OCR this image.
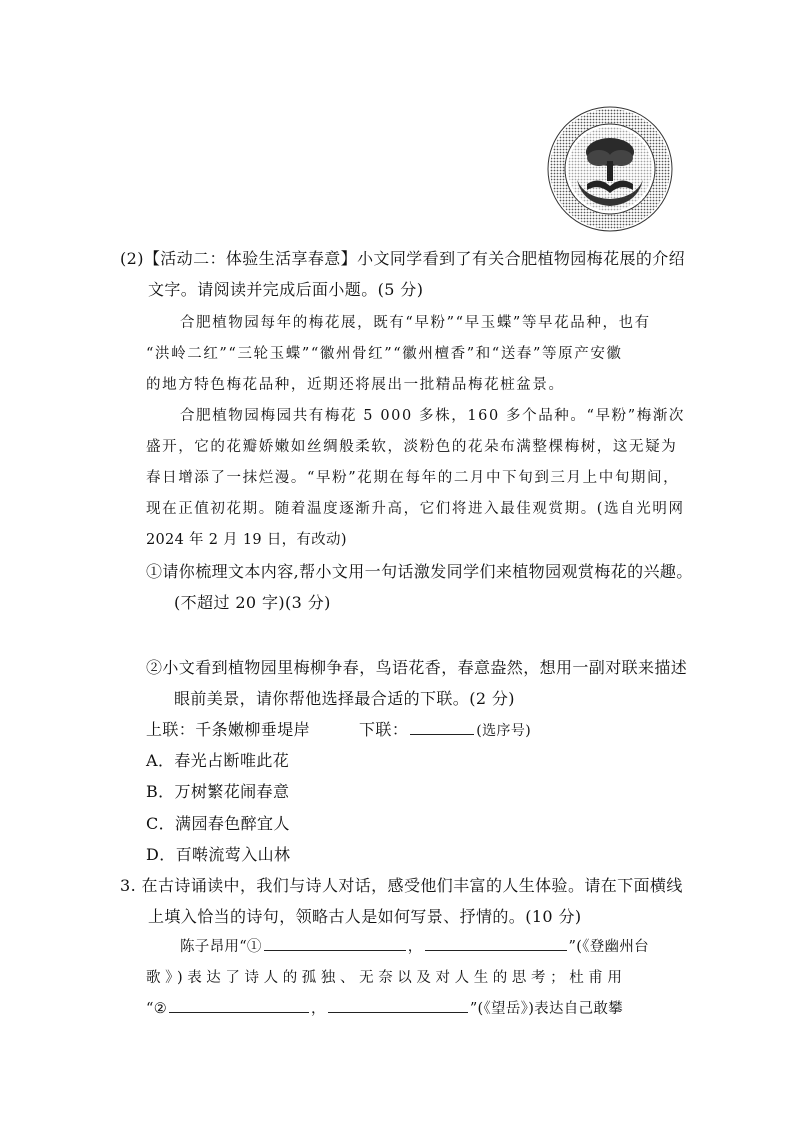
(2)【活动二：体验生活享春意】小文同学看到了有关合肥植物园梅花展的介绍
文字。请阅读并完成后面小题。(5 分)
合肥植物园每年的梅花展，既有“早粉”“早玉蝶”等早花品种，也有
“洪岭二红”“三轮玉蝶”“徽州骨红”“徽州檀香”和“送春”等原产安徽
的地方特色梅花品种，近期还将展出一批精品梅花桩盆景。
合肥植物园梅园共有梅花 5 000 多株，160 多个品种。“早粉”梅渐次
盛开，它的花瓣娇嫩如丝绸般柔软，淡粉色的花朵布满整棵梅树，这无疑为
春日增添了一抹烂漫。“早粉”花期在每年的二月中下旬到三月上中旬期间，
现在正值初花期。随着温度逐渐升高，它们将进入最佳观赏期。(选自光明网
2024 年 2 月 19 日，有改动)
①请你梳理文本内容,帮小文用一句话激发同学们来植物园观赏梅花的兴趣。
(不超过 20 字)(3 分)
②小文看到植物园里梅柳争春，鸟语花香，春意盎然，想用一副对联来描述
眼前美景，请你帮他选择最合适的下联。(2 分)
上联：千条嫩柳垂堤岸	下联：	(选序号)
A．春光占断唯此花
B．万树繁花闹春意
C．满园春色醉宜人
D．百啭流莺入山林
3. 在古诗诵读中，我们与诗人对话，感受他们丰富的人生体验。请在下面横线
上填入恰当的诗句，领略古人是如何写景、抒情的。(10 分)
陈子昂用“①	，	”(《登幽州台
歌》)表达了诗人的孤独、无奈以及对人生的思考；杜甫用
“②	，	”(《望岳》)表达自己敢攀
